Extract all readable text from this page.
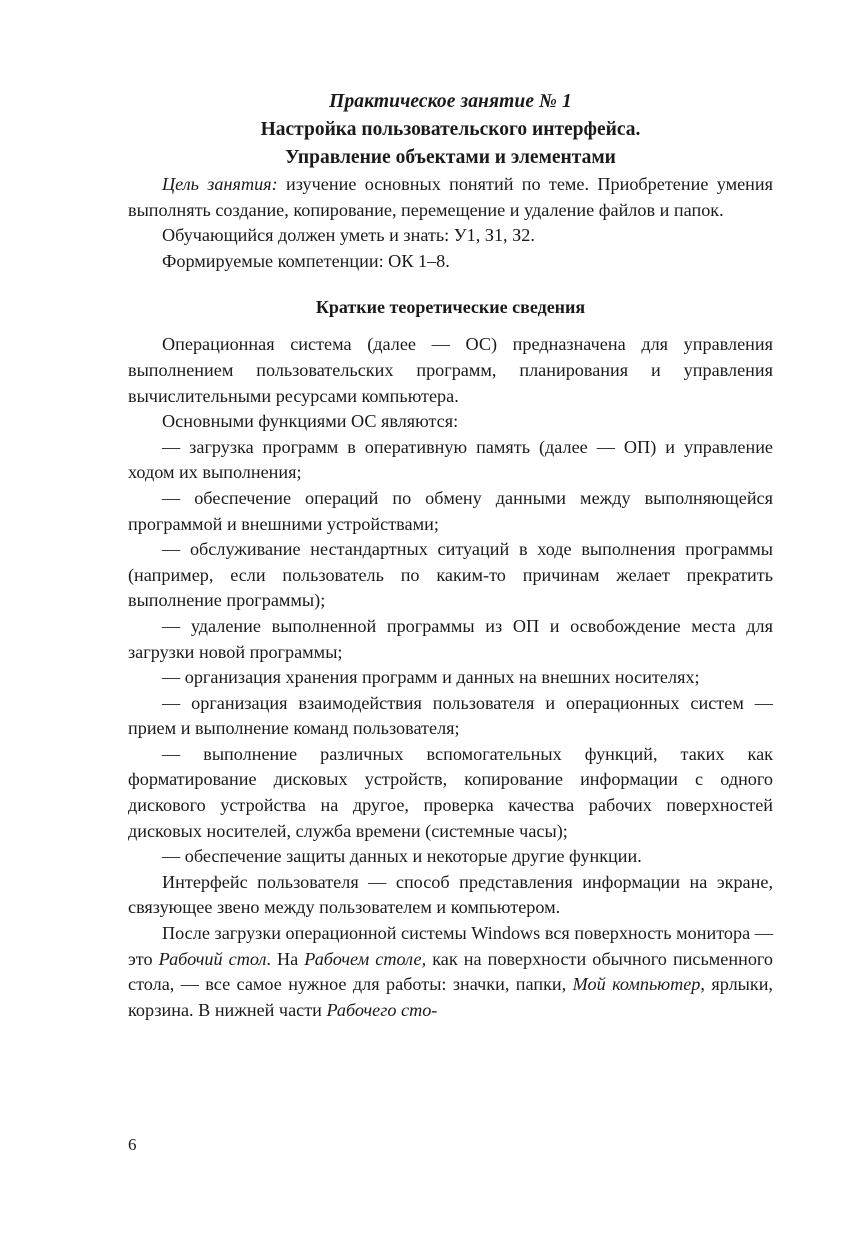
Практическое занятие № 1
Настройка пользовательского интерфейса.
Управление объектами и элементами

Цель занятия: изучение основных понятий по теме. Приобретение умения выполнять создание, копирование, перемещение и удаление файлов и папок.

Обучающийся должен уметь и знать: У1, З1, З2.

Формируемые компетенции: ОК 1–8.

Краткие теоретические сведения

Операционная система (далее — ОС) предназначена для управления выполнением пользовательских программ, планирования и управления вычислительными ресурсами компьютера.

Основными функциями ОС являются:

— загрузка программ в оперативную память (далее — ОП) и управление ходом их выполнения;

— обеспечение операций по обмену данными между выполняющейся программой и внешними устройствами;

— обслуживание нестандартных ситуаций в ходе выполнения программы (например, если пользователь по каким-то причинам желает прекратить выполнение программы);

— удаление выполненной программы из ОП и освобождение места для загрузки новой программы;

— организация хранения программ и данных на внешних носителях;

— организация взаимодействия пользователя и операционных систем — прием и выполнение команд пользователя;

— выполнение различных вспомогательных функций, таких как форматирование дисковых устройств, копирование информации с одного дискового устройства на другое, проверка качества рабочих поверхностей дисковых носителей, служба времени (системные часы);

— обеспечение защиты данных и некоторые другие функции.

Интерфейс пользователя — способ представления информации на экране, связующее звено между пользователем и компьютером.

После загрузки операционной системы Windows вся поверхность монитора — это Рабочий стол. На Рабочем столе, как на поверхности обычного письменного стола, — все самое нужное для работы: значки, папки, Мой компьютер, ярлыки, корзина. В нижней части Рабочего сто-

6
